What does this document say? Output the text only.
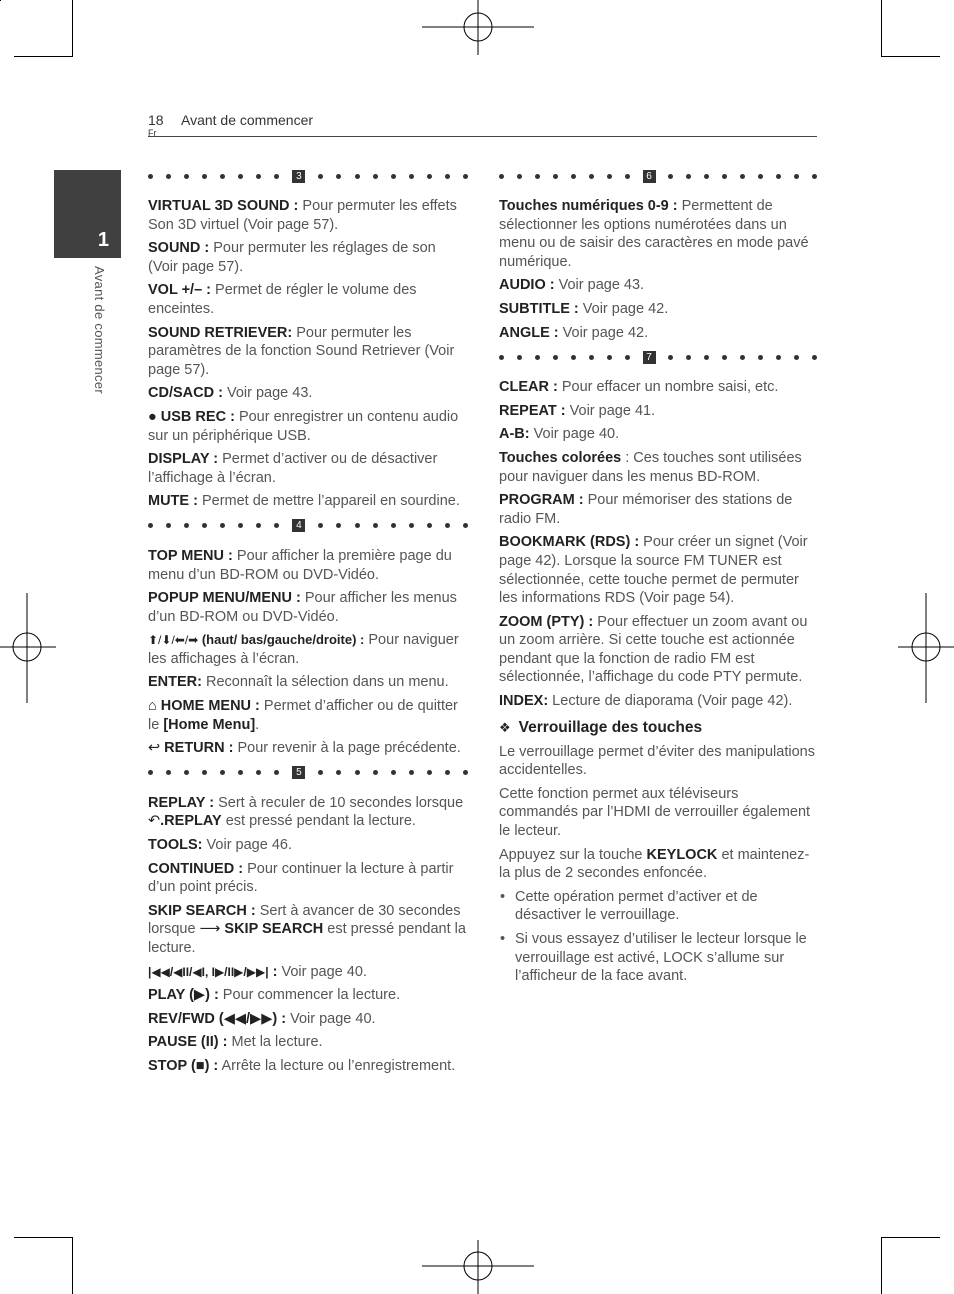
18
Fr
Avant de commencer
1
Avant de commencer
3

VIRTUAL 3D SOUND : Pour permuter les effets Son 3D virtuel (Voir page 57).

SOUND : Pour permuter les réglages de son (Voir page 57).

VOL +/– : Permet de régler le volume des enceintes.

SOUND RETRIEVER: Pour permuter les paramètres de la fonction Sound Retriever (Voir page 57).

CD/SACD : Voir page 43.

● USB REC : Pour enregistrer un contenu audio sur un périphérique USB.

DISPLAY : Permet d’activer ou de désactiver l’affichage à l’écran.

MUTE : Permet de mettre l’appareil en sourdine.

4

TOP MENU : Pour afficher la première page du menu d’un BD-ROM ou DVD-Vidéo.

POPUP MENU/MENU : Pour afficher les menus d’un BD-ROM ou DVD-Vidéo.

⬆/⬇/⬅/➡ (haut/ bas/gauche/droite) : Pour naviguer les affichages à l’écran.

ENTER: Reconnaît la sélection dans un menu.

⌂ HOME MENU : Permet d’afficher ou de quitter le [Home Menu].

↩ RETURN : Pour revenir à la page précédente.

5

REPLAY : Sert à reculer de 10 secondes lorsque ↶.REPLAY est pressé pendant la lecture.

TOOLS: Voir page 46.

CONTINUED : Pour continuer la lecture à partir d’un point précis.

SKIP SEARCH : Sert à avancer de 30 secondes lorsque ⟶ SKIP SEARCH est pressé pendant la lecture.

|◀◀/◀II/◀I, I▶/II▶/▶▶| : Voir page 40.

PLAY (▶) : Pour commencer la lecture.

REV/FWD (◀◀/▶▶) : Voir page 40.

PAUSE (II) : Met la lecture.

STOP (■) : Arrête la lecture ou l’enregistrement.

6

Touches numériques 0-9 : Permettent de sélectionner les options numérotées dans un menu ou de saisir des caractères en mode pavé numérique.

AUDIO : Voir page 43.

SUBTITLE : Voir page 42.

ANGLE : Voir page 42.

7

CLEAR : Pour effacer un nombre saisi, etc.

REPEAT : Voir page 41.

A-B: Voir page 40.

Touches colorées : Ces touches sont utilisées pour naviguer dans les menus BD-ROM.

PROGRAM : Pour mémoriser des stations de radio FM.

BOOKMARK (RDS) : Pour créer un signet (Voir page 42). Lorsque la source FM TUNER est sélectionnée, cette touche permet de permuter les informations RDS (Voir page 54).

ZOOM (PTY) : Pour effectuer un zoom avant ou un zoom arrière. Si cette touche est actionnée pendant que la fonction de radio FM est sélectionnée, l’affichage du code PTY permute.

INDEX: Lecture de diaporama (Voir page 42).

❖ Verrouillage des touches

Le verrouillage permet d’éviter des manipulations accidentelles.

Cette fonction permet aux téléviseurs commandés par l’HDMI de verrouiller également le lecteur.

Appuyez sur la touche KEYLOCK et maintenez-la plus de 2 secondes enfoncée.

• Cette opération permet d’activer et de désactiver le verrouillage.
• Si vous essayez d’utiliser le lecteur lorsque le verrouillage est activé, LOCK s’allume sur l’afficheur de la face avant.
